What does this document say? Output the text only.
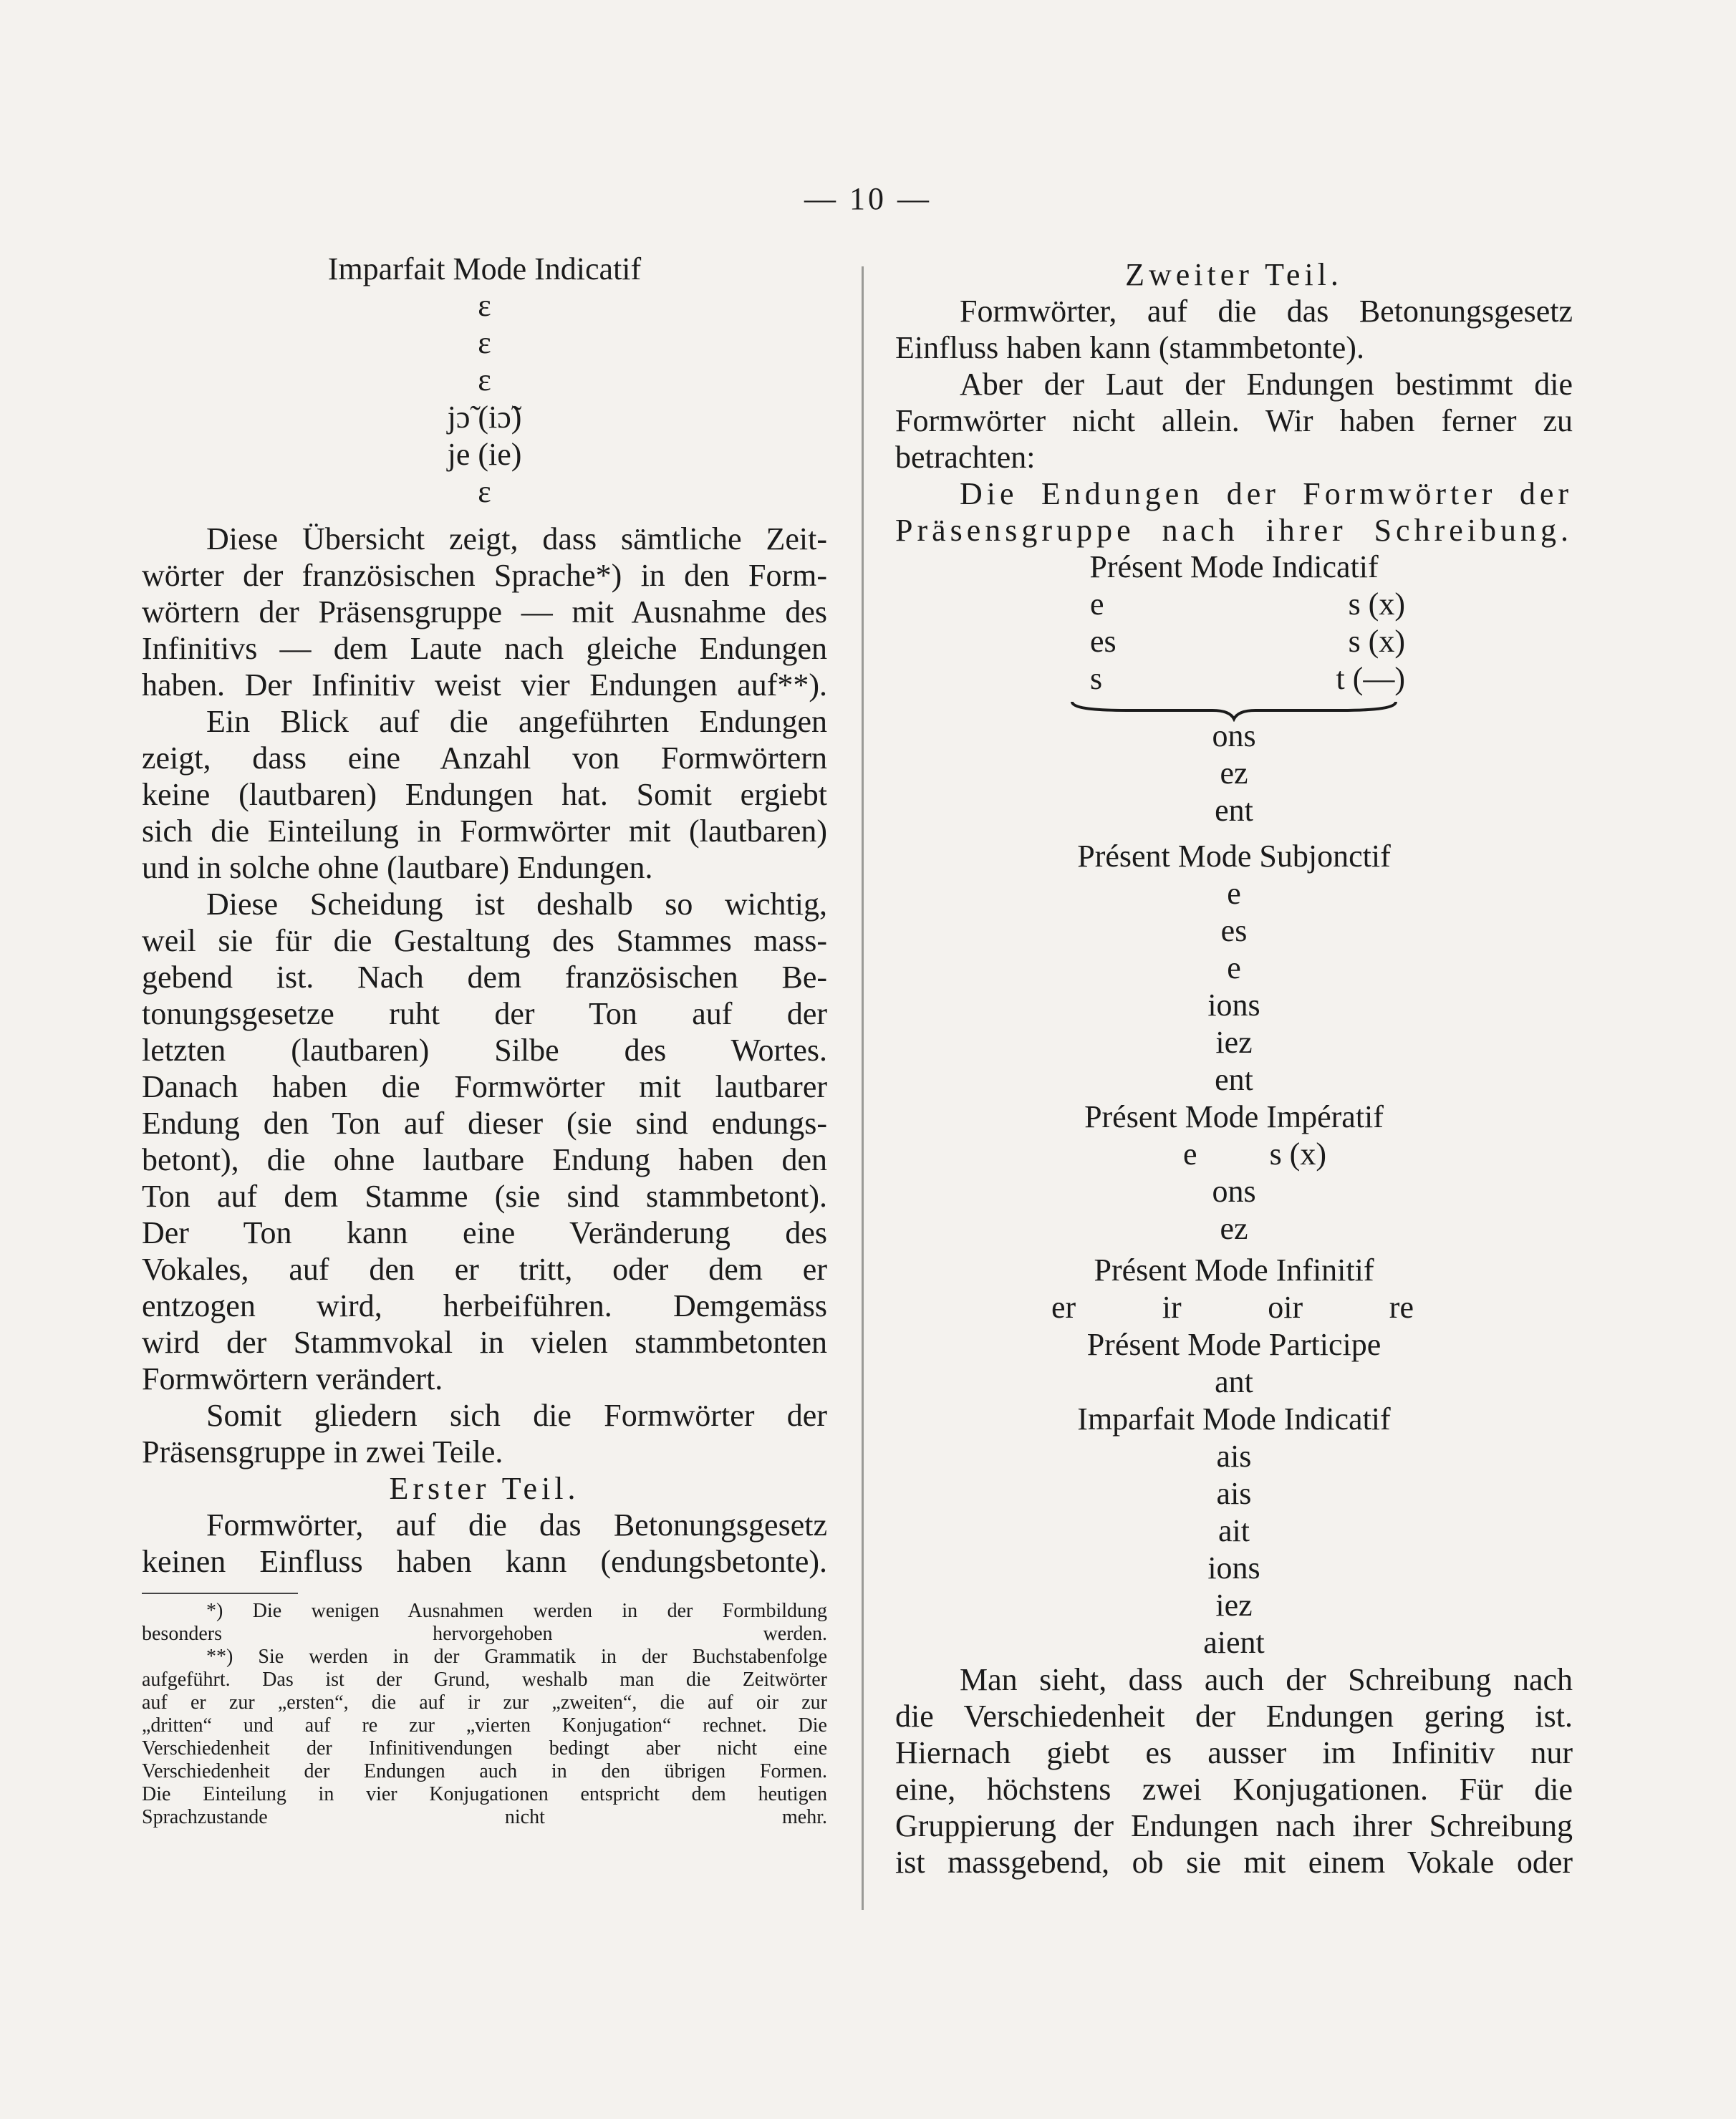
— 10 —
Imparfait Mode Indicatif
ɛ
ɛ
ɛ
jɔ̃ (iɔ̃)
je (ie)
ɛ
Diese Übersicht zeigt, dass sämtliche Zeit-
wörter der französischen Sprache*) in den Form-
wörtern der Präsensgruppe — mit Ausnahme des
Infinitivs — dem Laute nach gleiche Endungen
haben. Der Infinitiv weist vier Endungen auf**).
Ein Blick auf die angeführten Endungen
zeigt, dass eine Anzahl von Formwörtern
keine (lautbaren) Endungen hat. Somit ergiebt
sich die Einteilung in Formwörter mit (lautbaren)
und in solche ohne (lautbare) Endungen.
Diese Scheidung ist deshalb so wichtig,
weil sie für die Gestaltung des Stammes mass-
gebend ist. Nach dem französischen Be-
tonungsgesetze ruht der Ton auf der
letzten (lautbaren) Silbe des Wortes.
Danach haben die Formwörter mit lautbarer
Endung den Ton auf dieser (sie sind endungs-
betont), die ohne lautbare Endung haben den
Ton auf dem Stamme (sie sind stammbetont).
Der Ton kann eine Veränderung des
Vokales, auf den er tritt, oder dem er
entzogen wird, herbeiführen. Demgemäss
wird der Stammvokal in vielen stammbetonten
Formwörtern verändert.
Somit gliedern sich die Formwörter der
Präsensgruppe in zwei Teile.
Erster Teil.
Formwörter, auf die das Betonungsgesetz
keinen Einfluss haben kann (endungsbetonte).
*) Die wenigen Ausnahmen werden in der Formbildung
besonders hervorgehoben werden.
**) Sie werden in der Grammatik in der Buchstabenfolge
aufgeführt. Das ist der Grund, weshalb man die Zeitwörter
auf er zur „ersten“, die auf ir zur „zweiten“, die auf oir zur
„dritten“ und auf re zur „vierten Konjugation“ rechnet. Die
Verschiedenheit der Infinitivendungen bedingt aber nicht eine
Verschiedenheit der Endungen auch in den übrigen Formen.
Die Einteilung in vier Konjugationen entspricht dem heutigen
Sprachzustande nicht mehr.
Zweiter Teil.
Formwörter, auf die das Betonungsgesetz
Einfluss haben kann (stammbetonte).
Aber der Laut der Endungen bestimmt die
Formwörter nicht allein. Wir haben ferner zu
betrachten:
Die Endungen der Formwörter der
Präsensgruppe nach ihrer Schreibung.
Présent Mode Indicatif
e	s (x)
es	s (x)
s	t (—)
ons
ez
ent
Présent Mode Subjonctif
e
es
e
ions
iez
ent
Présent Mode Impératif
e s (x)
ons
ez
Présent Mode Infinitif
er	ir	oir	re
Présent Mode Participe
ant
Imparfait Mode Indicatif
ais
ais
ait
ions
iez
aient
Man sieht, dass auch der Schreibung nach
die Verschiedenheit der Endungen gering ist.
Hiernach giebt es ausser im Infinitiv nur
eine, höchstens zwei Konjugationen. Für die
Gruppierung der Endungen nach ihrer Schreibung
ist massgebend, ob sie mit einem Vokale oder
